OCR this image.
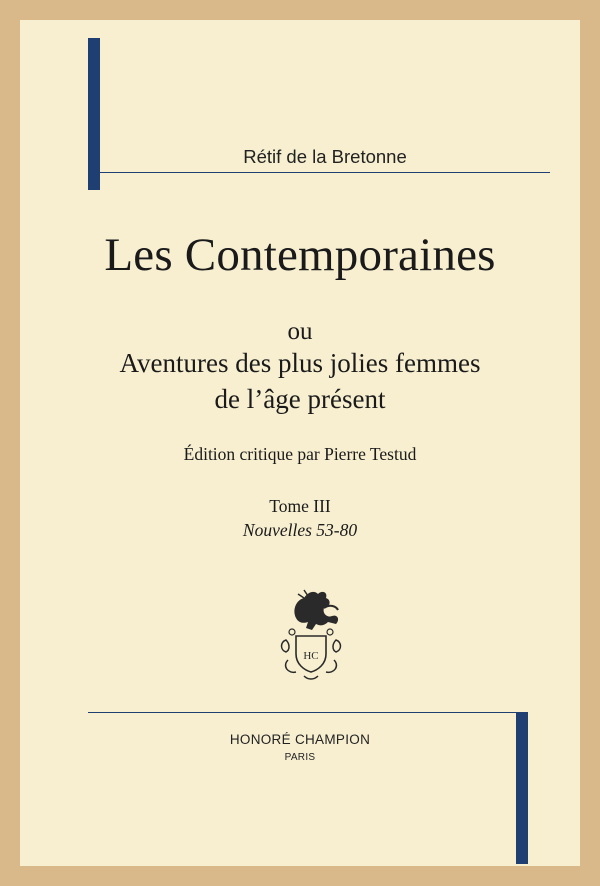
Rétif de la Bretonne
Les Contemporaines
ou
Aventures des plus jolies femmes
de l’âge présent
Édition critique par Pierre Testud
Tome III
Nouvelles 53-80
HC
HONORÉ CHAMPION
PARIS
